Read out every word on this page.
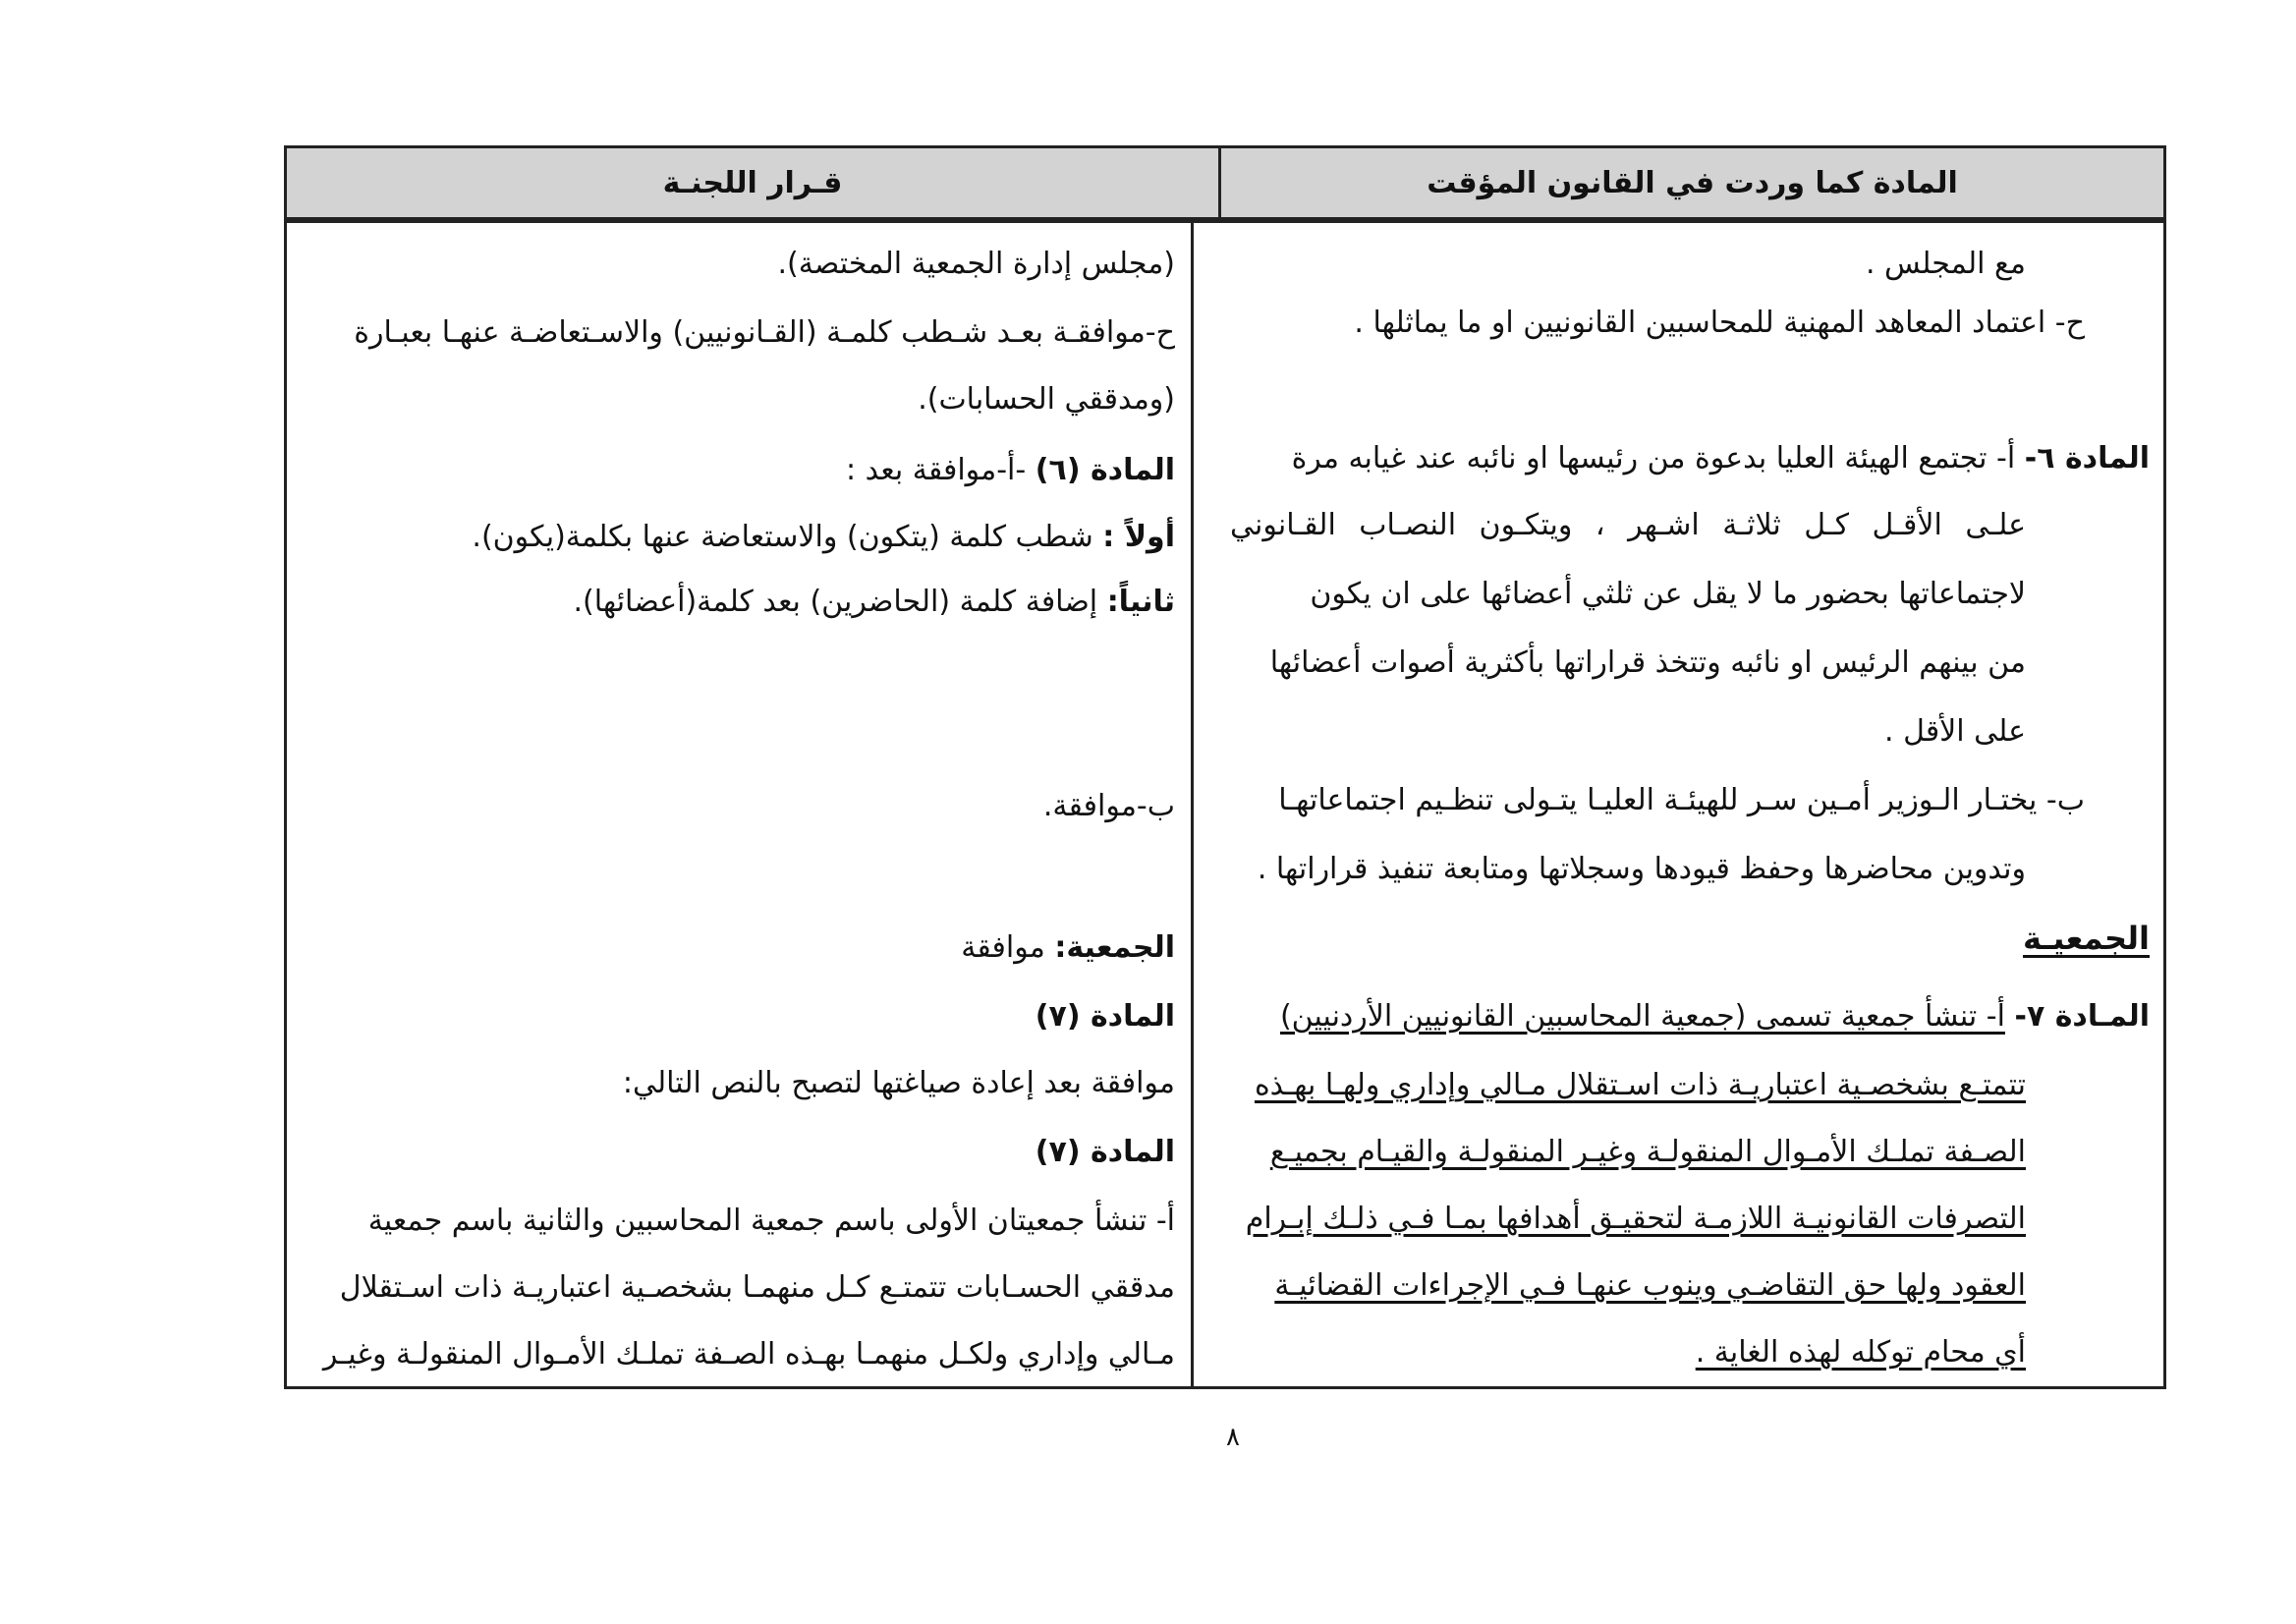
المادة كما وردت في القانون المؤقت
قـرار اللجنـة
مع المجلس .
ح- اعتماد المعاهد المهنية للمحاسبين القانونيين او ما يماثلها .
المادة ٦- أ- تجتمع الهيئة العليا بدعوة من رئيسها او نائبه عند غيابه مرة
علـى الأقـل كـل ثلاثـة اشـهر ، ويتكـون النصـاب القـانوني
لاجتماعاتها بحضور ما لا يقل عن ثلثي أعضائها على ان يكون
من بينهم الرئيس او نائبه وتتخذ قراراتها بأكثرية أصوات أعضائها
على الأقل .
ب- يختـار الـوزير أمـين سـر للهيئـة العليـا يتـولى تنظـيم اجتماعاتهـا
وتدوين محاضرها وحفظ قيودها وسجلاتها ومتابعة تنفيذ قراراتها .
الجمعيـة
المـادة ٧- أ- تنشأ جمعية تسمى (جمعية المحاسبين القانونيين الأردنيين)
تتمتـع بشخصـية اعتباريـة ذات اسـتقلال مـالي وإداري ولهـا بهـذه
الصـفة تملـك الأمـوال المنقولـة وغيـر المنقولـة والقيـام بجميـع
التصرفات القانونيـة اللازمـة لتحقيـق أهدافها بمـا فـي ذلـك إبـرام
العقود ولها حق التقاضـي وينوب عنهـا فـي الإجراءات القضائيـة
أي محام توكله لهذه الغاية .
(مجلس إدارة الجمعية المختصة).
ح-موافقـة بعـد شـطب كلمـة (القـانونيين) والاسـتعاضـة عنهـا بعبـارة
(ومدققي الحسابات).
المادة (٦) -أ-موافقة بعد :
أولاً : شطب كلمة (يتكون) والاستعاضة عنها بكلمة(يكون).
ثانياً: إضافة كلمة (الحاضرين) بعد كلمة(أعضائها).
ب-موافقة.
الجمعية: موافقة
المادة (٧)
موافقة بعد إعادة صياغتها لتصبح بالنص التالي:
المادة (٧)
أ- تنشأ جمعيتان الأولى باسم جمعية المحاسبين والثانية باسم جمعية
مدققي الحسـابات تتمتـع كـل منهمـا بشخصـية اعتباريـة ذات اسـتقلال
مـالي وإداري ولكـل منهمـا بهـذه الصـفة تملـك الأمـوال المنقولـة وغيـر
٨
